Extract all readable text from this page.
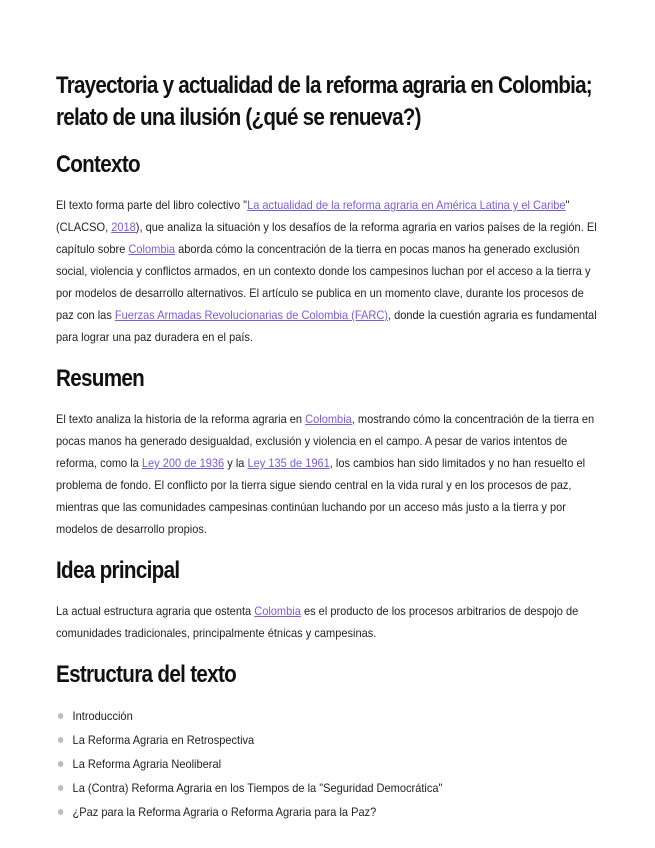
Trayectoria y actualidad de la reforma agraria en Colombia; relato de una ilusión (¿qué se renueva?)
Contexto

El texto forma parte del libro colectivo "La actualidad de la reforma agraria en América Latina y el Caribe" (CLACSO, 2018), que analiza la situación y los desafíos de la reforma agraria en varios países de la región. El capítulo sobre Colombia aborda cómo la concentración de la tierra en pocas manos ha generado exclusión social, violencia y conflictos armados, en un contexto donde los campesinos luchan por el acceso a la tierra y por modelos de desarrollo alternativos. El artículo se publica en un momento clave, durante los procesos de paz con las Fuerzas Armadas Revolucionarias de Colombia (FARC), donde la cuestión agraria es fundamental para lograr una paz duradera en el país.

Resumen

El texto analiza la historia de la reforma agraria en Colombia, mostrando cómo la concentración de la tierra en pocas manos ha generado desigualdad, exclusión y violencia en el campo. A pesar de varios intentos de reforma, como la Ley 200 de 1936 y la Ley 135 de 1961, los cambios han sido limitados y no han resuelto el problema de fondo. El conflicto por la tierra sigue siendo central en la vida rural y en los procesos de paz, mientras que las comunidades campesinas continúan luchando por un acceso más justo a la tierra y por modelos de desarrollo propios.

Idea principal

La actual estructura agraria que ostenta Colombia es el producto de los procesos arbitrarios de despojo de comunidades tradicionales, principalmente étnicas y campesinas.

Estructura del texto
Introducción
La Reforma Agraria en Retrospectiva
La Reforma Agraria Neoliberal
La (Contra) Reforma Agraria en los Tiempos de la "Seguridad Democrática"
¿Paz para la Reforma Agraria o Reforma Agraria para la Paz?
